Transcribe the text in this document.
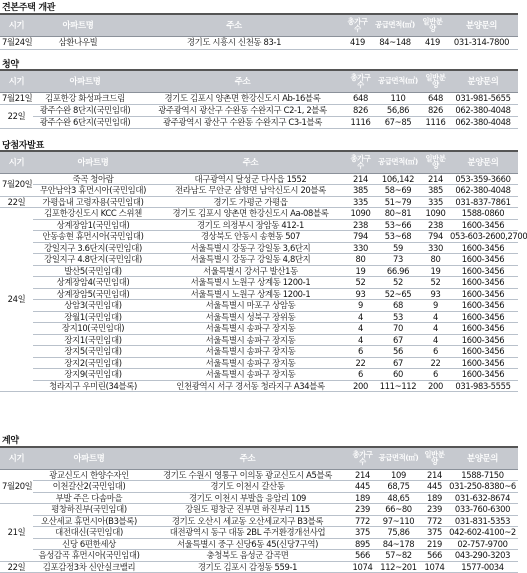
견본주택 개관
시기	아파트명	주소	총가구수	공급면적(㎡)	일반분양	분양문의
7월24일	삼환나우빌	경기도 시흥시 신천동 83-1	419	84~148	419	031-314-7800
청약
시기	아파트명	주소	총가구수	공급면적(㎡)	일반분양	분양문의
7월21일	김포한강 화성파크드림	경기도 김포시 양촌면 한강신도시 Ab-16블록	648	110	648	031-981-5655
22일	광주수완 8단지(국민임대)	광주광역시 광산구 수완동 수완지구 C2-1, 2블록	826	56,86	826	062-380-4048
	광주수완 6단지(국민임대)	광주광역시 광산구 수완동 수완지구 C3-1블록	1116	67~85	1116	062-380-4048
당첨자발표
시기	아파트명	주소	총가구수	공급면적(㎡)	일반분양	분양문의
7월20일	죽곡 청아람	대구광역시 달성군 다사읍 1552	214	106,142	214	053-359-3660
	무안남악3 휴먼시아(국민임대)	전라남도 무안군 삼향면 남악신도시 20블록	385	58~69	385	062-380-4048
22일	가평읍내 고령자용(국민임대)	경기도 가평군 가평읍	335	51~79	335	031-837-7861
24일	김포한강신도시 KCC 스위첸	경기도 김포시 양촌면 한강신도시 Aa-08블록	1090	80~81	1090	1588-0860
	상계장암1(국민임대)	경기도 의정부시 장암동 412-1	238	53~66	238	1600-3456
	안동송현 휴먼시아(국민임대)	경상북도 안동시 송현동 507	794	53~68	794	053-603-2600,2700
	강일지구 3.6단지(국민임대)	서울특별시 강동구 강일동 3,6단지	330	59	330	1600-3456
	강일지구 4.8단지(국민임대)	서울특별시 강동구 강일동 4,8단지	80	73	80	1600-3456
	발산5(국민임대)	서울특별시 강서구 발산1동	19	66.96	19	1600-3456
	상계장암4(국민임대)	서울특별시 노원구 상계동 1200-1	52	52	52	1600-3456
	상계장암5(국민임대)	서울특별시 노원구 상계동 1200-1	93	52~65	93	1600-3456
	상암3(국민임대)	서울특별시 마포구 상암동	9	68	9	1600-3456
	장월1(국민임대)	서울특별시 성북구 장위동	4	53	4	1600-3456
	장지10(국민임대)	서울특별시 송파구 장지동	4	70	4	1600-3456
	장지1(국민임대)	서울특별시 송파구 장지동	4	67	4	1600-3456
	장지5(국민임대)	서울특별시 송파구 장지동	6	56	6	1600-3456
	장지2(국민임대)	서울특별시 송파구 장지동	22	67	22	1600-3456
	장지9(국민임대)	서울특별시 송파구 장지동	6	60	6	1600-3456
	청라지구 우미린(34블록)	인천광역시 서구 경서동 청라지구 A34블록	200	111~112	200	031-983-5555
계약
시기	아파트명	주소	총가구수	공급면적(㎡)	일반분양	분양문의
7월20일	광교신도시 한양수자인	경기도 수원시 영통구 이의동 광교신도시 A5블록	214	109	214	1588-7150
	이천갈산2(국민임대)	경기도 이천시 갈산동	445	68,75	445	031-250-8380~6
	부발 주은 다솜마을	경기도 이천시 부발읍 응암리 109	189	48,65	189	031-632-8674
21일	평창하진부(국민임대)	강원도 평창군 진부면 하진부리 115	239	66~80	239	033-760-6300
	오산세교 휴먼시아(B3블록)	경기도 오산시 세교동 오산세교지구 B3블록	772	97~110	772	031-831-5353
	대전대신(국민임대)	대전광역시 동구 대동 2BL 주거환경개선사업	375	75,86	375	042-602-4100~2
	신당 6편한세상	서울특별시 중구 신당6동 45(신당7구역)	895	84~178	219	02-757-9700
	음성감곡 휴먼시아(국민임대)	충청북도 음성군 감곡면	566	57~82	566	043-290-3203
22일	김포감정3차 신안실크밸리	경기도 김포시 감정동 559-1	1074	112~201	1074	1577-0034
